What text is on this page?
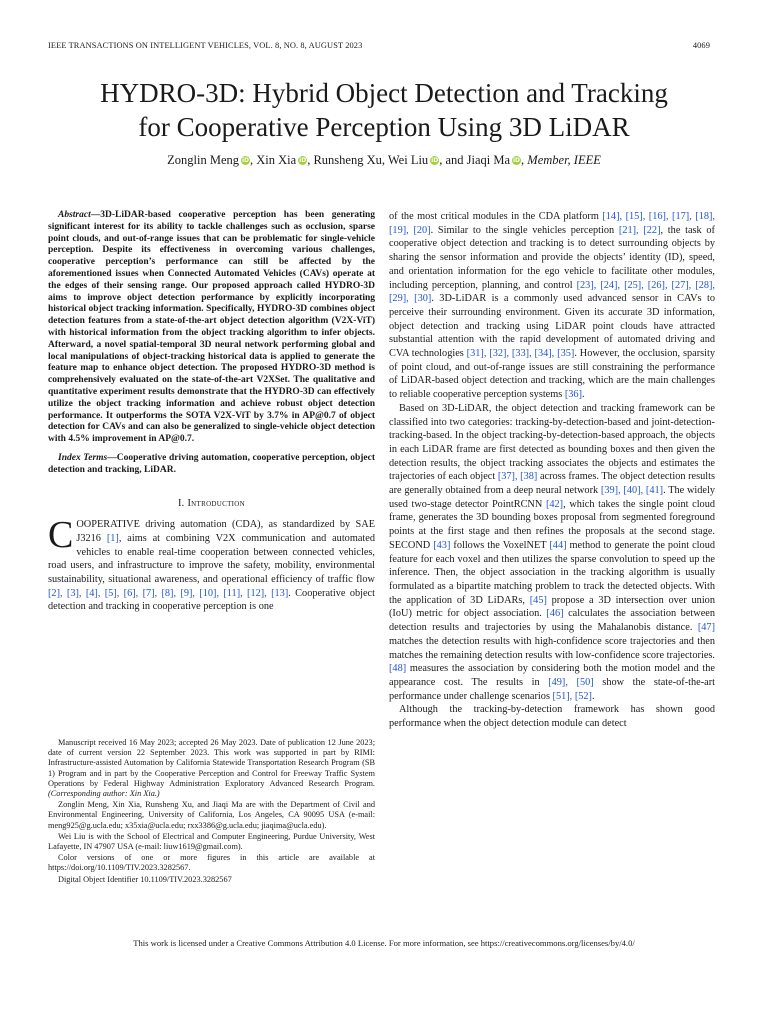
IEEE TRANSACTIONS ON INTELLIGENT VEHICLES, VOL. 8, NO. 8, AUGUST 2023	4069
HYDRO-3D: Hybrid Object Detection and Tracking
for Cooperative Perception Using 3D LiDAR
Zonglin Meng iD, Xin Xia iD, Runsheng Xu, Wei Liu iD, and Jiaqi Ma iD, Member, IEEE

Abstract—3D-LiDAR-based cooperative perception has been generating significant interest for its ability to tackle challenges such as occlusion, sparse point clouds, and out-of-range issues that can be problematic for single-vehicle perception. Despite its effectiveness in overcoming various challenges, cooperative perception’s performance can still be affected by the aforementioned issues when Connected Automated Vehicles (CAVs) operate at the edges of their sensing range. Our proposed approach called HYDRO-3D aims to improve object detection performance by explicitly incorporating historical object tracking information. Specifically, HYDRO-3D combines object detection features from a state-of-the-art object detection algorithm (V2X-ViT) with historical information from the object tracking algorithm to infer objects. Afterward, a novel spatial-temporal 3D neural network performing global and local manipulations of object-tracking historical data is applied to generate the feature map to enhance object detection. The proposed HYDRO-3D method is comprehensively evaluated on the state-of-the-art V2XSet. The qualitative and quantitative experiment results demonstrate that the HYDRO-3D can effectively utilize the object tracking information and achieve robust object detection performance. It outperforms the SOTA V2X-ViT by 3.7% in AP@0.7 of object detection for CAVs and can also be generalized to single-vehicle object detection with 4.5% improvement in AP@0.7.

Index Terms—Cooperative driving automation, cooperative perception, object detection and tracking, LiDAR.

I. Introduction

COOPERATIVE driving automation (CDA), as standardized by SAE J3216 [1], aims at combining V2X communication and automated vehicles to enable real-time cooperation between connected vehicles, road users, and infrastructure to improve the safety, mobility, environmental sustainability, situational awareness, and operational efficiency of traffic flow [2], [3], [4], [5], [6], [7], [8], [9], [10], [11], [12], [13]. Cooperative object detection and tracking in cooperative perception is one

Manuscript received 16 May 2023; accepted 26 May 2023. Date of publication 12 June 2023; date of current version 22 September 2023. This work was supported in part by RIMI: Infrastructure-assisted Automation by California Statewide Transportation Research Program (SB 1) Program and in part by the Cooperative Perception and Control for Freeway Traffic System Operations by Federal Highway Administration Exploratory Advanced Research Program. (Corresponding author: Xin Xia.)

Zonglin Meng, Xin Xia, Runsheng Xu, and Jiaqi Ma are with the Department of Civil and Environmental Engineering, University of California, Los Angeles, CA 90095 USA (e-mail: meng925@g.ucla.edu; x35xia@ucla.edu; rxx3386@g.ucla.edu; jiaqima@ucla.edu).

Wei Liu is with the School of Electrical and Computer Engineering, Purdue University, West Lafayette, IN 47907 USA (e-mail: liuw1619@gmail.com).

Color versions of one or more figures in this article are available at https://doi.org/10.1109/TIV.2023.3282567.

Digital Object Identifier 10.1109/TIV.2023.3282567

of the most critical modules in the CDA platform [14], [15], [16], [17], [18], [19], [20]. Similar to the single vehicles perception [21], [22], the task of cooperative object detection and tracking is to detect surrounding objects by sharing the sensor information and provide the objects’ identity (ID), speed, and orientation information for the ego vehicle to facilitate other modules, including perception, planning, and control [23], [24], [25], [26], [27], [28], [29], [30]. 3D-LiDAR is a commonly used advanced sensor in CAVs to perceive their surrounding environment. Given its accurate 3D information, object detection and tracking using LiDAR point clouds have attracted substantial attention with the rapid development of automated driving and CVA technologies [31], [32], [33], [34], [35]. However, the occlusion, sparsity of point cloud, and out-of-range issues are still constraining the performance of LiDAR-based object detection and tracking, which are the main challenges to reliable cooperative perception systems [36].

Based on 3D-LiDAR, the object detection and tracking framework can be classified into two categories: tracking-by-detection-based and joint-detection-tracking-based. In the object tracking-by-detection-based approach, the objects in each LiDAR frame are first detected as bounding boxes and then given the detection results, the object tracking associates the objects and estimates the trajectories of each object [37], [38] across frames. The object detection results are generally obtained from a deep neural network [39], [40], [41]. The widely used two-stage detector PointRCNN [42], which takes the single point cloud frame, generates the 3D bounding boxes proposal from segmented foreground points at the first stage and then refines the proposals at the second stage. SECOND [43] follows the VoxelNET [44] method to generate the point cloud feature for each voxel and then utilizes the sparse convolution to speed up the inference. Then, the object association in the tracking algorithm is usually formulated as a bipartite matching problem to track the detected objects. With the application of 3D LiDARs, [45] propose a 3D intersection over union (IoU) metric for object association. [46] calculates the association between detection results and trajectories by using the Mahalanobis distance. [47] matches the detection results with high-confidence score trajectories and then matches the remaining detection results with low-confidence score trajectories. [48] measures the association by considering both the motion model and the appearance cost. The results in [49], [50] show the state-of-the-art performance under challenge scenarios [51], [52].

Although the tracking-by-detection framework has shown good performance when the object detection module can detect

This work is licensed under a Creative Commons Attribution 4.0 License. For more information, see https://creativecommons.org/licenses/by/4.0/
